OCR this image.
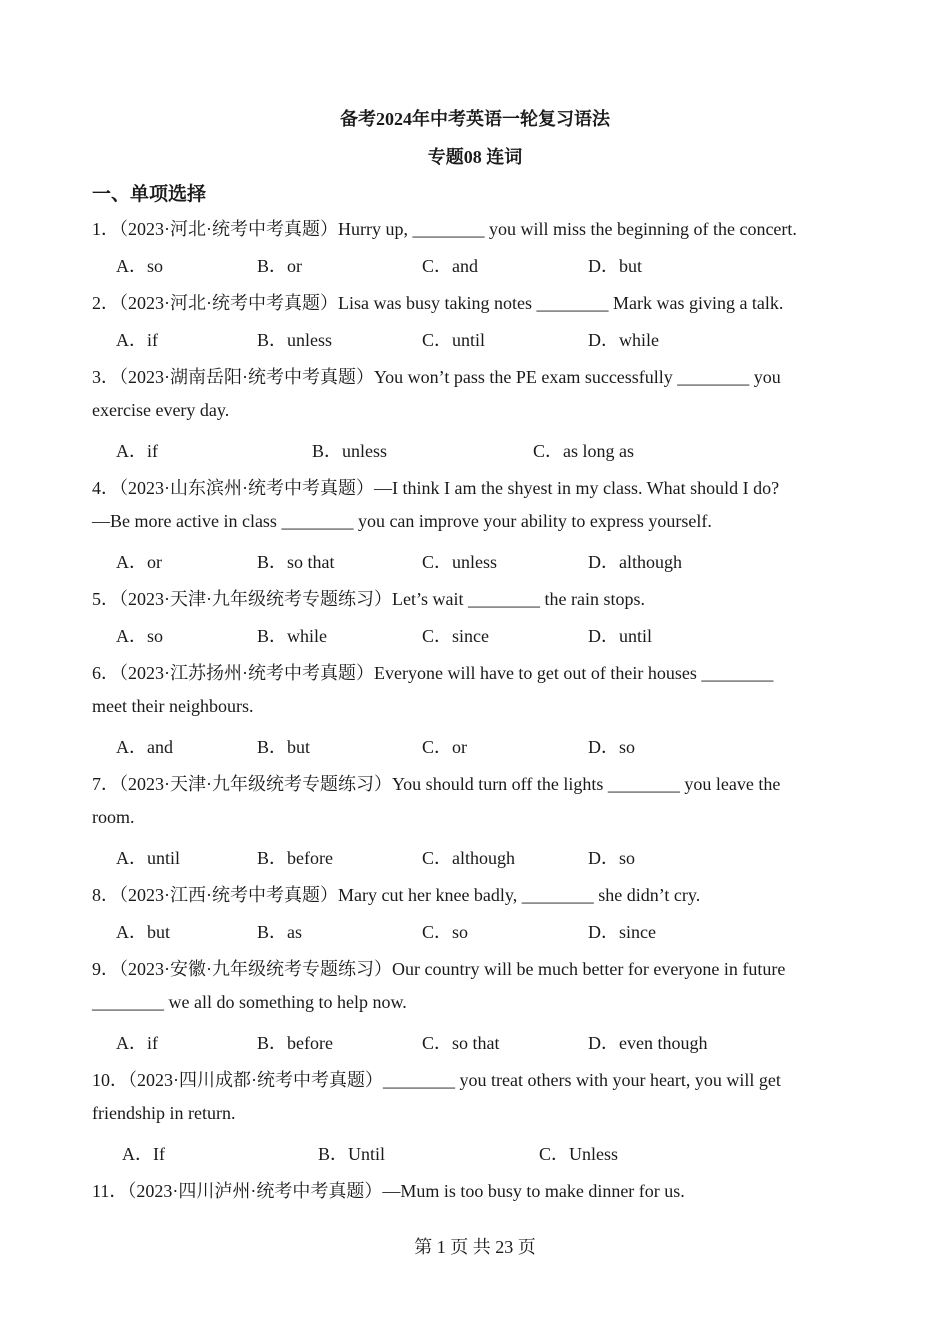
备考2024年中考英语一轮复习语法
专题08 连词
一、单项选择
1．（2023·河北·统考中考真题）Hurry up, ________ you will miss the beginning of the concert.
A．so	B．or	C．and	D．but
2．（2023·河北·统考中考真题）Lisa was busy taking notes ________ Mark was giving a talk.
A．if	B．unless	C．until	D．while
3．（2023·湖南岳阳·统考中考真题）You won’t pass the PE exam successfully ________ you
exercise every day.
A．if	B．unless	C．as long as
4．（2023·山东滨州·统考中考真题）—I think I am the shyest in my class. What should I do?
—Be more active in class ________ you can improve your ability to express yourself.
A．or	B．so that	C．unless	D．although
5．（2023·天津·九年级统考专题练习）Let’s wait ________ the rain stops.
A．so	B．while	C．since	D．until
6．（2023·江苏扬州·统考中考真题）Everyone will have to get out of their houses ________
meet their neighbours.
A．and	B．but	C．or	D．so
7．（2023·天津·九年级统考专题练习）You should turn off the lights ________ you leave the
room.
A．until	B．before	C．although	D．so
8．（2023·江西·统考中考真题）Mary cut her knee badly, ________ she didn’t cry.
A．but	B．as	C．so	D．since
9．（2023·安徽·九年级统考专题练习）Our country will be much better for everyone in future
________ we all do something to help now.
A．if	B．before	C．so that	D．even though
10．（2023·四川成都·统考中考真题）________ you treat others with your heart, you will get
friendship in return.
A．If	B．Until	C．Unless
11．（2023·四川泸州·统考中考真题）—Mum is too busy to make dinner for us.
第 1 页 共 23 页
